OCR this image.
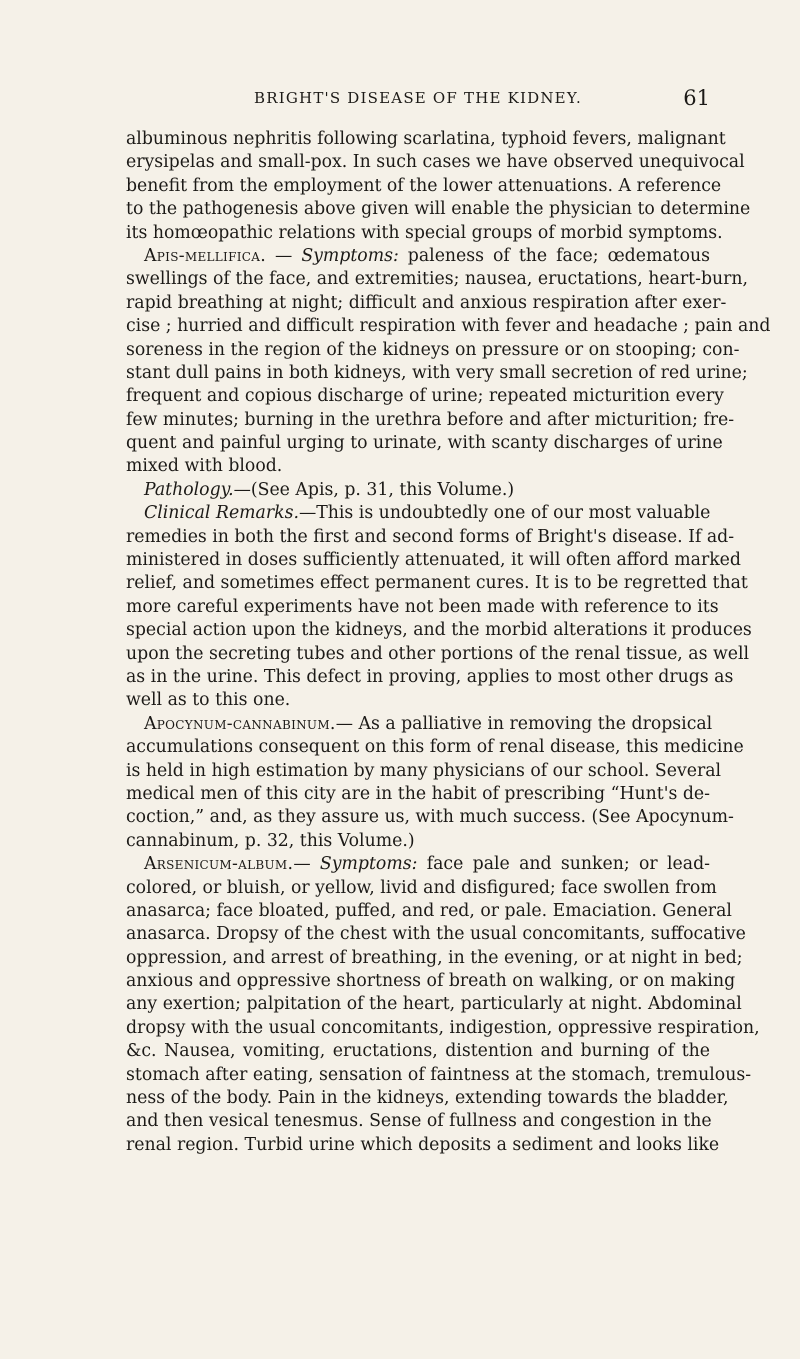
BRIGHT'S DISEASE OF THE KIDNEY.	61
albuminous nephritis following scarlatina, typhoid fevers, malignant
erysipelas and small-pox. In such cases we have observed unequivocal
benefit from the employment of the lower attenuations. A reference
to the pathogenesis above given will enable the physician to determine
its homœopathic relations with special groups of morbid symptoms.
Apis-mellifica. — Symptoms: paleness of the face; œdematous
swellings of the face, and extremities; nausea, eructations, heart-burn,
rapid breathing at night; difficult and anxious respiration after exer-
cise ; hurried and difficult respiration with fever and headache ; pain and
soreness in the region of the kidneys on pressure or on stooping; con-
stant dull pains in both kidneys, with very small secretion of red urine;
frequent and copious discharge of urine; repeated micturition every
few minutes; burning in the urethra before and after micturition; fre-
quent and painful urging to urinate, with scanty discharges of urine
mixed with blood.
Pathology.—(See Apis, p. 31, this Volume.)
Clinical Remarks.—This is undoubtedly one of our most valuable
remedies in both the first and second forms of Bright's disease. If ad-
ministered in doses sufficiently attenuated, it will often afford marked
relief, and sometimes effect permanent cures. It is to be regretted that
more careful experiments have not been made with reference to its
special action upon the kidneys, and the morbid alterations it produces
upon the secreting tubes and other portions of the renal tissue, as well
as in the urine. This defect in proving, applies to most other drugs as
well as to this one.
Apocynum-cannabinum.— As a palliative in removing the dropsical
accumulations consequent on this form of renal disease, this medicine
is held in high estimation by many physicians of our school. Several
medical men of this city are in the habit of prescribing “Hunt's de-
coction,” and, as they assure us, with much success. (See Apocynum-
cannabinum, p. 32, this Volume.)
Arsenicum-album.— Symptoms: face pale and sunken; or lead-
colored, or bluish, or yellow, livid and disfigured; face swollen from
anasarca; face bloated, puffed, and red, or pale. Emaciation. General
anasarca. Dropsy of the chest with the usual concomitants, suffocative
oppression, and arrest of breathing, in the evening, or at night in bed;
anxious and oppressive shortness of breath on walking, or on making
any exertion; palpitation of the heart, particularly at night. Abdominal
dropsy with the usual concomitants, indigestion, oppressive respiration,
&c. Nausea, vomiting, eructations, distention and burning of the
stomach after eating, sensation of faintness at the stomach, tremulous-
ness of the body. Pain in the kidneys, extending towards the bladder,
and then vesical tenesmus. Sense of fullness and congestion in the
renal region. Turbid urine which deposits a sediment and looks like
